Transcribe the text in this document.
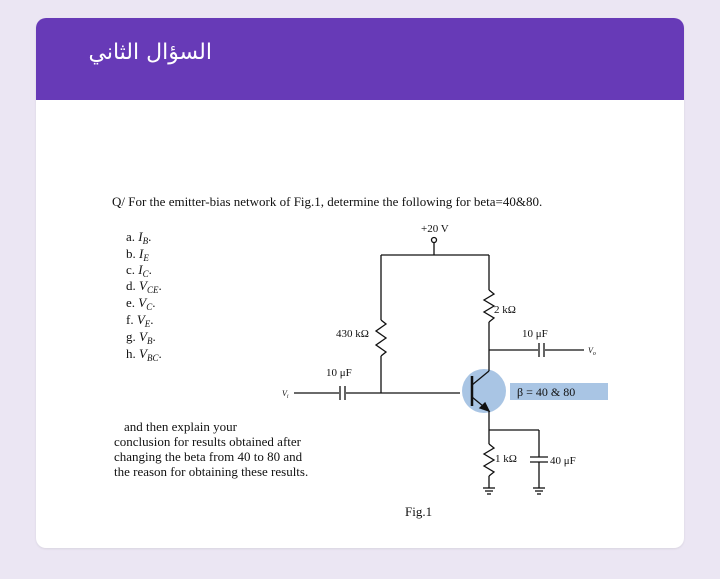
السؤال الثاني
Q/ For the emitter-bias network of Fig.1, determine the following for beta=40&80.
a. $I_B$.
b. $I_E$
c. $I_C$.
d. $V_{CE}$.
e. $V_C$.
f. $V_E$.
g. $V_B$.
h. $V_{BC}$.
and then explain your
conclusion for results obtained after
changing the beta from 40 to 80 and
the reason for obtaining these results.
+20 V
430 kΩ
$V_i$
10 μF
2 kΩ
10 μF
$V_o$
β = 40 & 80
1 kΩ	40 μF
Fig.1
